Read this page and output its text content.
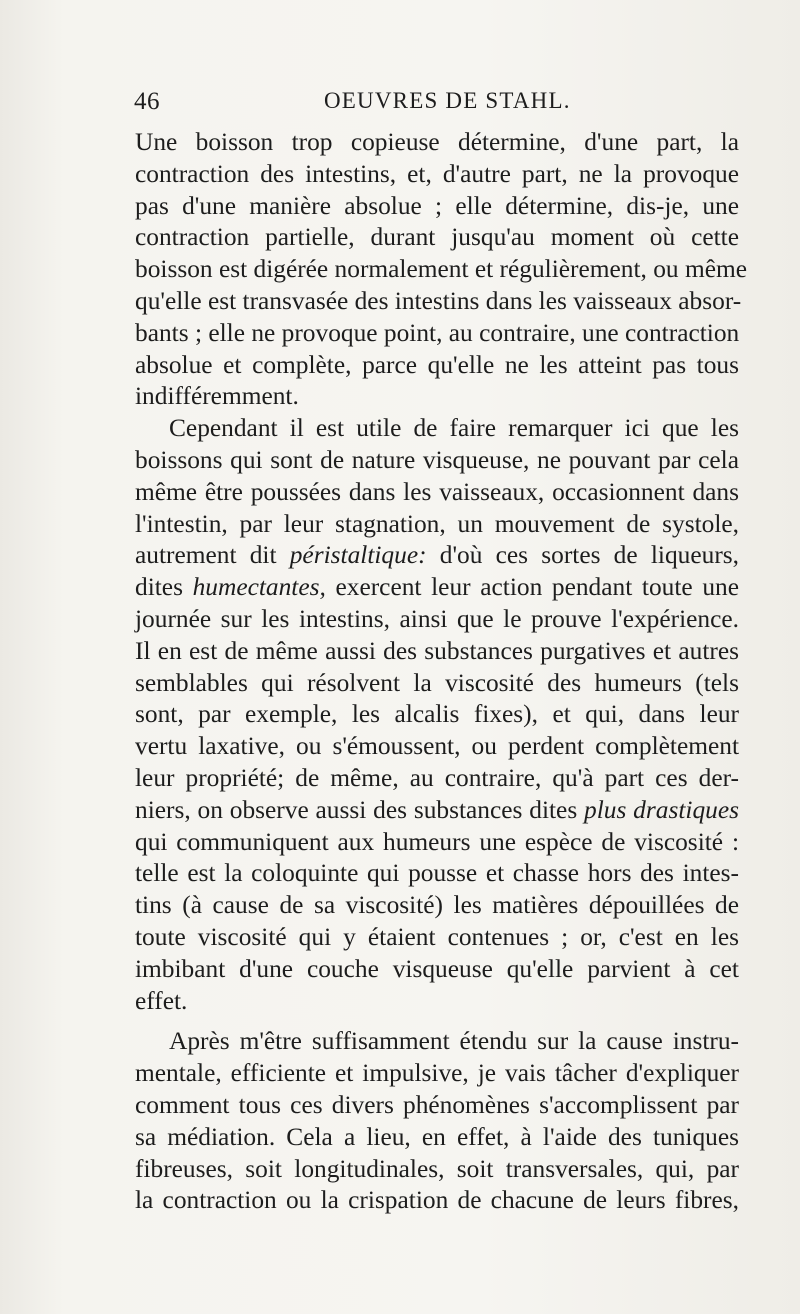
46	OEUVRES DE STAHL.
Une boisson trop copieuse détermine, d'une part, la
contraction des intestins, et, d'autre part, ne la provoque
pas d'une manière absolue ; elle détermine, dis-je, une
contraction partielle, durant jusqu'au moment où cette
boisson est digérée normalement et régulièrement, ou même
qu'elle est transvasée des intestins dans les vaisseaux absor-
bants ; elle ne provoque point, au contraire, une contraction
absolue et complète, parce qu'elle ne les atteint pas tous
indifféremment.
Cependant il est utile de faire remarquer ici que les
boissons qui sont de nature visqueuse, ne pouvant par cela
même être poussées dans les vaisseaux, occasionnent dans
l'intestin, par leur stagnation, un mouvement de systole,
autrement dit péristaltique: d'où ces sortes de liqueurs,
dites humectantes, exercent leur action pendant toute une
journée sur les intestins, ainsi que le prouve l'expérience.
Il en est de même aussi des substances purgatives et autres
semblables qui résolvent la viscosité des humeurs (tels
sont, par exemple, les alcalis fixes), et qui, dans leur
vertu laxative, ou s'émoussent, ou perdent complètement
leur propriété; de même, au contraire, qu'à part ces der-
niers, on observe aussi des substances dites plus drastiques
qui communiquent aux humeurs une espèce de viscosité :
telle est la coloquinte qui pousse et chasse hors des intes-
tins (à cause de sa viscosité) les matières dépouillées de
toute viscosité qui y étaient contenues ; or, c'est en les
imbibant d'une couche visqueuse qu'elle parvient à cet
effet.
Après m'être suffisamment étendu sur la cause instru-
mentale, efficiente et impulsive, je vais tâcher d'expliquer
comment tous ces divers phénomènes s'accomplissent par
sa médiation. Cela a lieu, en effet, à l'aide des tuniques
fibreuses, soit longitudinales, soit transversales, qui, par
la contraction ou la crispation de chacune de leurs fibres,
